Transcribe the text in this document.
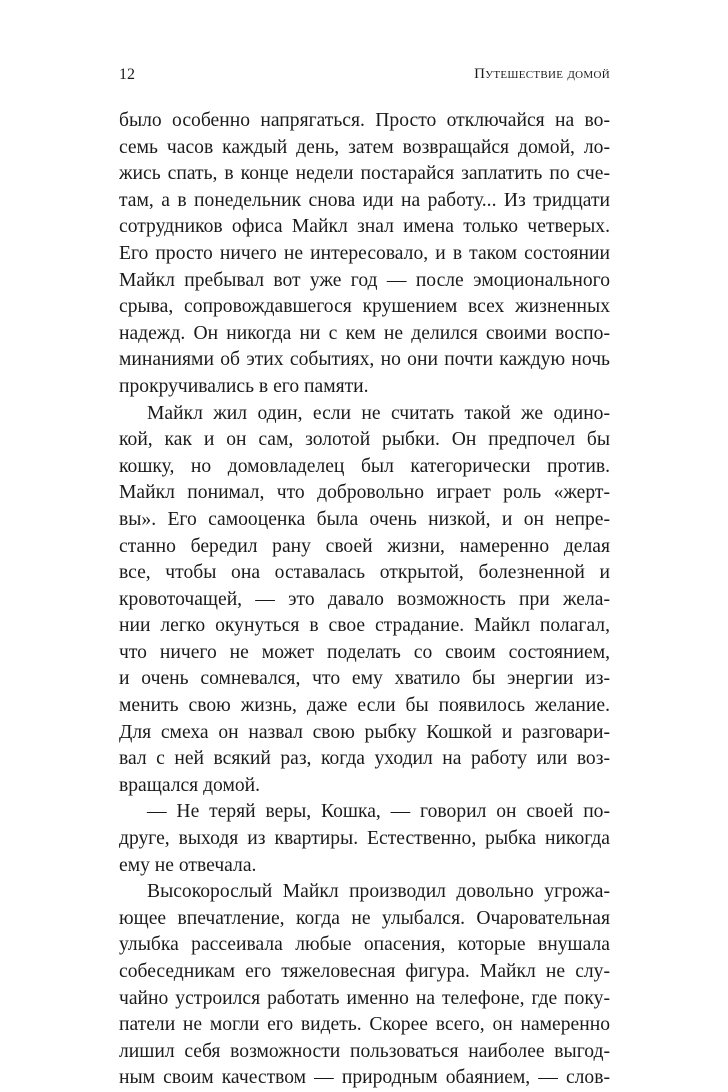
12	Путешествие домой
было особенно напрягаться. Просто отключайся на во-
семь часов каждый день, затем возвращайся домой, ло-
жись спать, в конце недели постарайся заплатить по сче-
там, а в понедельник снова иди на работу... Из тридцати
сотрудников офиса Майкл знал имена только четверых.
Его просто ничего не интересовало, и в таком состоянии
Майкл пребывал вот уже год — после эмоционального
срыва, сопровождавшегося крушением всех жизненных
надежд. Он никогда ни с кем не делился своими воспо-
минаниями об этих событиях, но они почти каждую ночь
прокручивались в его памяти.
Майкл жил один, если не считать такой же одино-
кой, как и он сам, золотой рыбки. Он предпочел бы
кошку, но домовладелец был категорически против.
Майкл понимал, что добровольно играет роль «жерт-
вы». Его самооценка была очень низкой, и он непре-
станно бередил рану своей жизни, намеренно делая
все, чтобы она оставалась открытой, болезненной и
кровоточащей, — это давало возможность при жела-
нии легко окунуться в свое страдание. Майкл полагал,
что ничего не может поделать со своим состоянием,
и очень сомневался, что ему хватило бы энергии из-
менить свою жизнь, даже если бы появилось желание.
Для смеха он назвал свою рыбку Кошкой и разговари-
вал с ней всякий раз, когда уходил на работу или воз-
вращался домой.
— Не теряй веры, Кошка, — говорил он своей по-
друге, выходя из квартиры. Естественно, рыбка никогда
ему не отвечала.
Высокорослый Майкл производил довольно угрожа-
ющее впечатление, когда не улыбался. Очаровательная
улыбка рассеивала любые опасения, которые внушала
собеседникам его тяжеловесная фигура. Майкл не слу-
чайно устроился работать именно на телефоне, где поку-
патели не могли его видеть. Скорее всего, он намеренно
лишил себя возможности пользоваться наиболее выгод-
ным своим качеством — природным обаянием, — слов-
